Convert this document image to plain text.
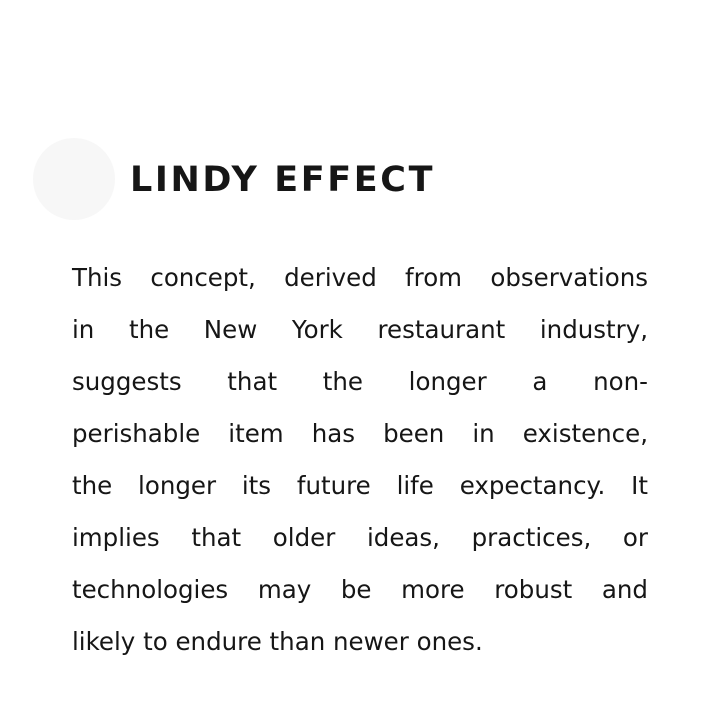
LINDY EFFECT
This concept, derived from observations
in the New York restaurant industry,
suggests that the longer a non-
perishable item has been in existence,
the longer its future life expectancy. It
implies that older ideas, practices, or
technologies may be more robust and
likely to endure than newer ones.
